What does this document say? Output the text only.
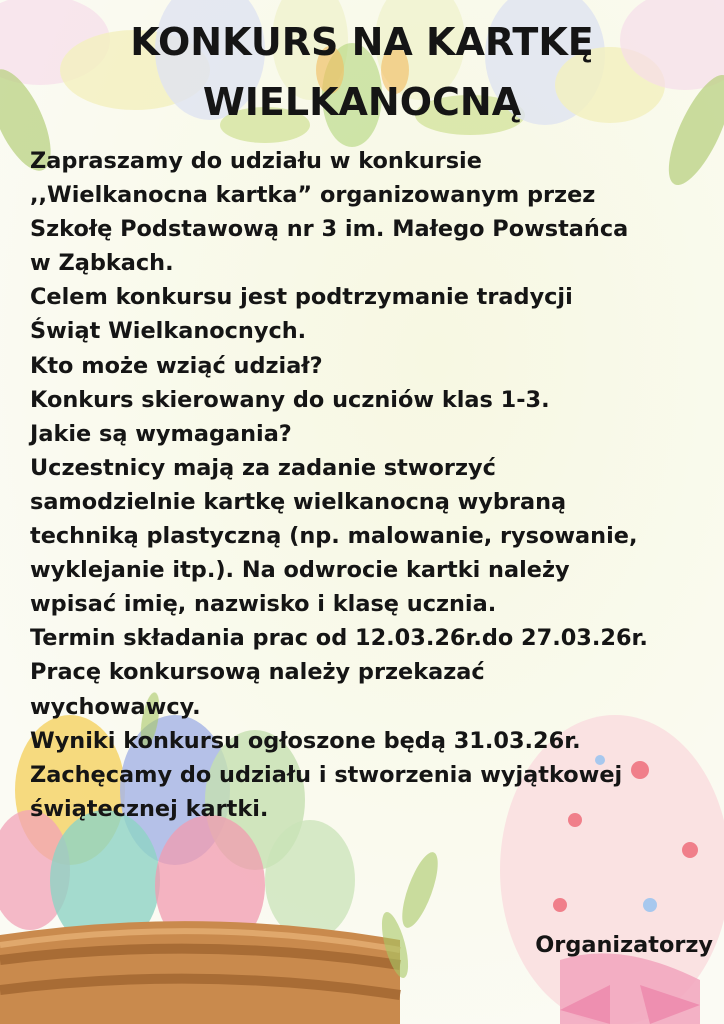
KONKURS NA KARTKĘ
WIELKANOCNĄ
Zapraszamy do udziału w konkursie
,,Wielkanocna kartka” organizowanym przez
Szkołę Podstawową nr 3 im. Małego Powstańca
w Ząbkach.
Celem konkursu jest podtrzymanie tradycji
Świąt Wielkanocnych.
Kto może wziąć udział?
Konkurs skierowany do uczniów klas 1-3.
Jakie są wymagania?
Uczestnicy mają za zadanie stworzyć
samodzielnie kartkę wielkanocną wybraną
techniką plastyczną (np. malowanie, rysowanie,
wyklejanie itp.). Na odwrocie kartki należy
wpisać imię, nazwisko i klasę ucznia.
Termin składania prac od 12.03.26r.do 27.03.26r.
Pracę konkursową należy przekazać
wychowawcy.
Wyniki konkursu ogłoszone będą 31.03.26r.
Zachęcamy do udziału i stworzenia wyjątkowej
świątecznej kartki.
Organizatorzy
